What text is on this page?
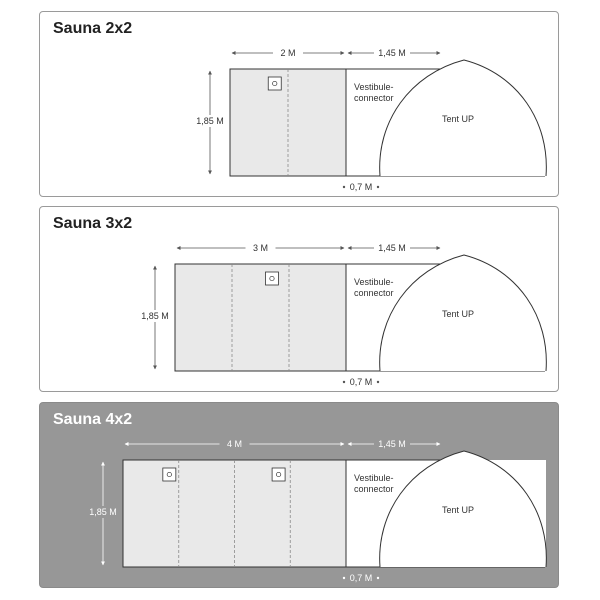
Sauna 2x2
Vestibule-
connector
Tent UP
2 M	1,45 M
1,85 M
0,7 M
Sauna 3x2
Vestibule-
connector
Tent UP
3 M	1,45 M
1,85 M
0,7 M
Sauna 4x2
Vestibule-
connector
Tent UP
4 M	1,45 M
1,85 M
0,7 M
